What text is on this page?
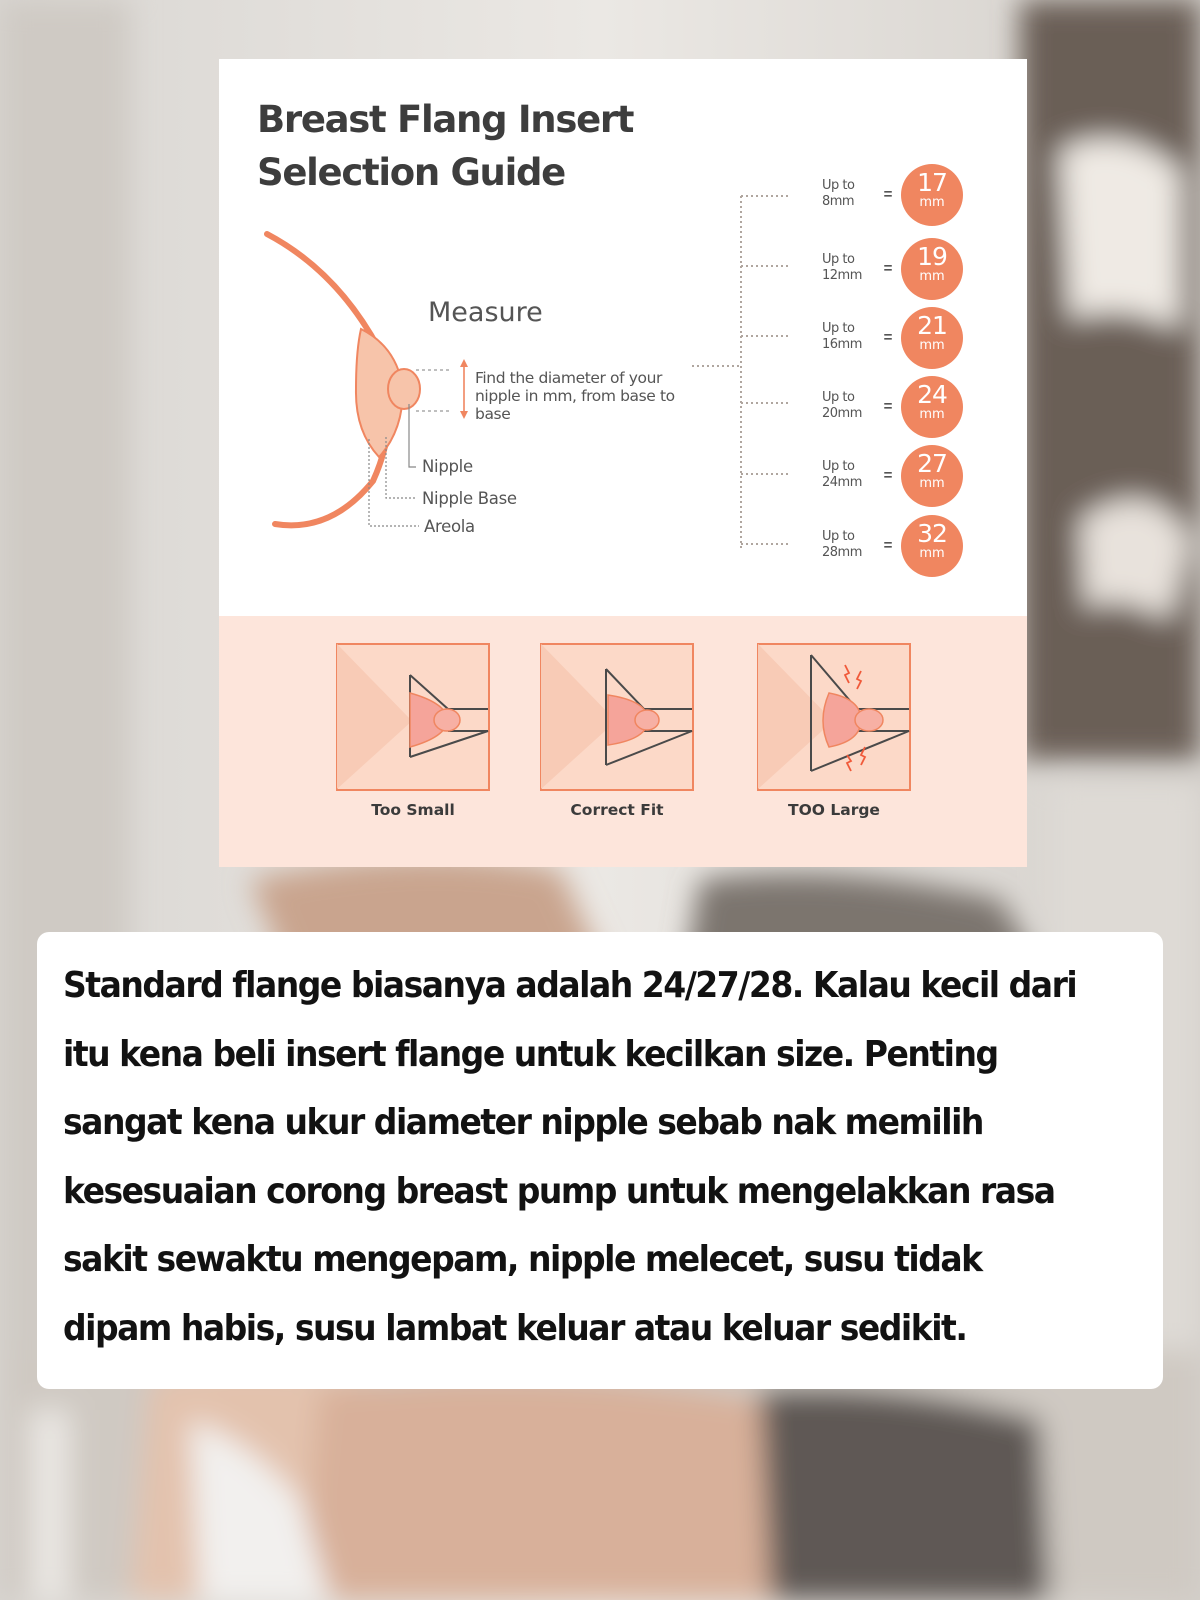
Breast Flang Insert Selection Guide
Measure
Find the diameter of your nipple in mm, from base to base
Nipple
Nipple Base
Areola
Up to 8mm	= 17
mm
Up to 12mm	= 19
mm
Up to 16mm	= 21
mm
Up to 20mm	= 24
mm
Up to 24mm	= 27
mm
Up to 28mm	= 32
mm
Too Small	Correct Fit	TOO Large

Standard flange biasanya adalah 24/27/28. Kalau kecil dari itu kena beli insert flange untuk kecilkan size. Penting sangat kena ukur diameter nipple sebab nak memilih kesesuaian corong breast pump untuk mengelakkan rasa sakit sewaktu mengepam, nipple melecet, susu tidak dipam habis, susu lambat keluar atau keluar sedikit.
